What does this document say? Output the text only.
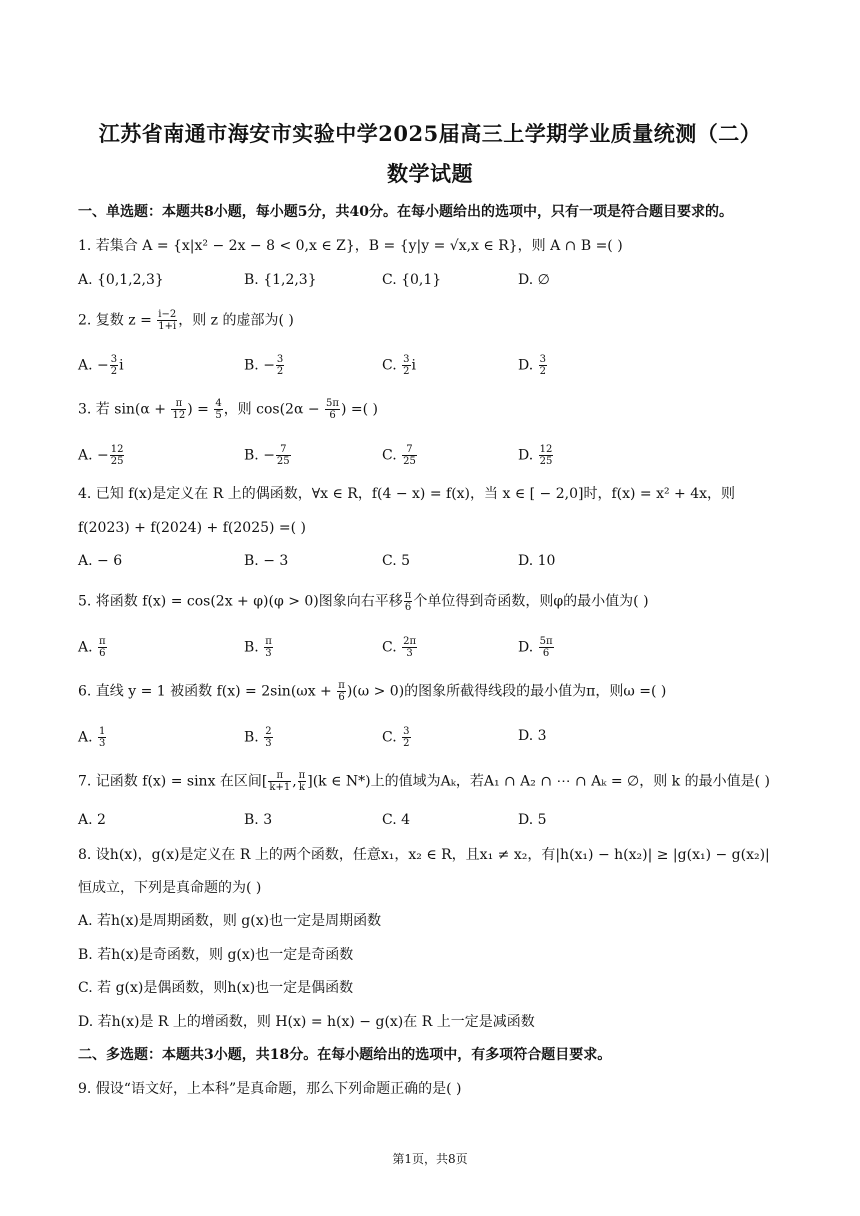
江苏省南通市海安市实验中学2025届高三上学期学业质量统测（二）
数学试题
一、单选题：本题共8小题，每小题5分，共40分。在每小题给出的选项中，只有一项是符合题目要求的。
1. 若集合 A = {x|x² − 2x − 8 < 0,x ∈ Z}，B = {y|y = √x,x ∈ R}，则 A ∩ B =( )
A. {0,1,2,3}	B. {1,2,3}	C. {0,1}	D. ∅
2. 复数 $z = \frac{i-2}{1+i}$ ，则 z 的虚部为( )
A. − $\frac{3}{2}$ i	B. − $\frac{3}{2}$	C. $\frac{3}{2}$ i	D. $\frac{3}{2}$
3. 若 $\sin(\alpha + \frac{\pi}{12}$ ) = $\frac{4}{5}$ ，则 $\cos(2\alpha - \frac{5\pi}{6}$ ) =( )
A. − $\frac{12}{25}$	B. − $\frac{7}{25}$	C. $\frac{7}{25}$	D. $\frac{12}{25}$
4. 已知 f(x)是定义在 R 上的偶函数，∀x ∈ R，f(4 − x) = f(x)，当 x ∈ [ − 2,0]时，f(x) = x² + 4x，则
f(2023) + f(2024) + f(2025) =( )
A. − 6	B. − 3	C. 5	D. 10
5. 将函数 f(x) = cos(2x + φ)(φ > 0)图象向右平移 $\frac{\pi}{6}$ 个单位得到奇函数，则φ的最小值为( )
A. $\frac{\pi}{6}$	B. $\frac{\pi}{3}$	C. $\frac{2\pi}{3}$	D. $\frac{5\pi}{6}$
6. 直线 y = 1 被函数 $f(x) = 2\sin(\omega x + \frac{\pi}{6} )(\omega > 0)$的图象所截得线段的最小值为π，则ω =( )
A. $\frac{1}{3}$	B. $\frac{2}{3}$	C. $\frac{3}{2}$	D. 3
7. 记函数 f(x) = sinx 在区间[ $\frac{\pi}{k+1}$ , $\frac{\pi}{k} ](k$ ∈ N*)上的值域为Aₖ，若A₁ ∩ A₂ ∩ ⋯ ∩ Aₖ = ∅，则 k 的最小值是( )
A. 2	B. 3	C. 4	D. 5
8. 设h(x)，g(x)是定义在 R 上的两个函数，任意x₁，x₂ ∈ R，且x₁ ≠ x₂，有|h(x₁) − h(x₂)| ≥ |g(x₁) − g(x₂)|
恒成立，下列是真命题的为( )
A. 若h(x)是周期函数，则 g(x)也一定是周期函数
B. 若h(x)是奇函数，则 g(x)也一定是奇函数
C. 若 g(x)是偶函数，则h(x)也一定是偶函数
D. 若h(x)是 R 上的增函数，则 H(x) = h(x) − g(x)在 R 上一定是减函数
二、多选题：本题共3小题，共18分。在每小题给出的选项中，有多项符合题目要求。
9. 假设“语文好，上本科”是真命题，那么下列命题正确的是( )
第1页，共8页
